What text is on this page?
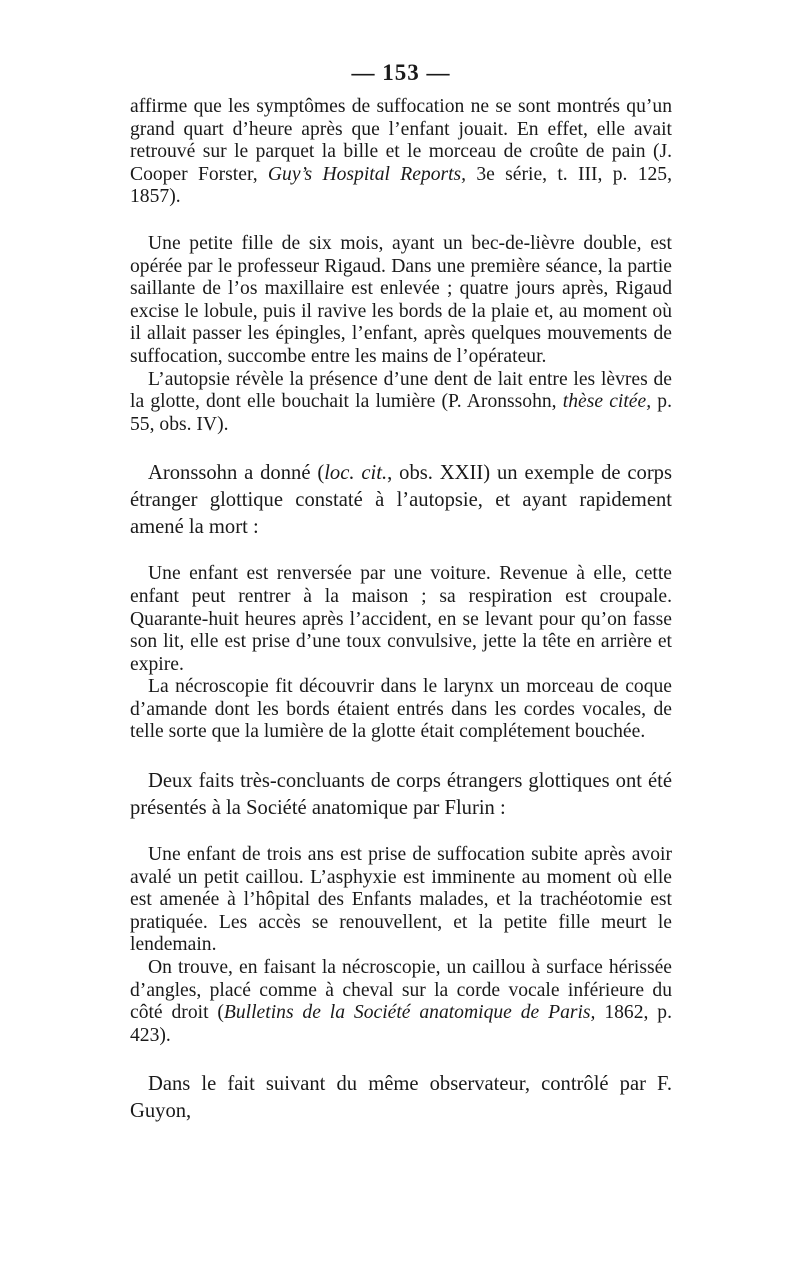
— 153 —

affirme que les symptômes de suffocation ne se sont montrés qu’un grand quart d’heure après que l’enfant jouait. En effet, elle avait retrouvé sur le parquet la bille et le morceau de croûte de pain (J. Cooper Forster, Guy’s Hospital Reports, 3e série, t. III, p. 125, 1857).

Une petite fille de six mois, ayant un bec-de-lièvre double, est opérée par le professeur Rigaud. Dans une première séance, la partie saillante de l’os maxillaire est enlevée ; quatre jours après, Rigaud excise le lobule, puis il ravive les bords de la plaie et, au moment où il allait passer les épingles, l’enfant, après quelques mouvements de suffocation, succombe entre les mains de l’opérateur.

L’autopsie révèle la présence d’une dent de lait entre les lèvres de la glotte, dont elle bouchait la lumière (P. Aronssohn, thèse citée, p. 55, obs. IV).

Aronssohn a donné (loc. cit., obs. XXII) un exemple de corps étranger glottique constaté à l’autopsie, et ayant rapidement amené la mort :

Une enfant est renversée par une voiture. Revenue à elle, cette enfant peut rentrer à la maison ; sa respiration est croupale. Quarante-huit heures après l’accident, en se levant pour qu’on fasse son lit, elle est prise d’une toux convulsive, jette la tête en arrière et expire.

La nécroscopie fit découvrir dans le larynx un morceau de coque d’amande dont les bords étaient entrés dans les cordes vocales, de telle sorte que la lumière de la glotte était complétement bouchée.

Deux faits très-concluants de corps étrangers glottiques ont été présentés à la Société anatomique par Flurin :

Une enfant de trois ans est prise de suffocation subite après avoir avalé un petit caillou. L’asphyxie est imminente au moment où elle est amenée à l’hôpital des Enfants malades, et la trachéotomie est pratiquée. Les accès se renouvellent, et la petite fille meurt le lendemain.

On trouve, en faisant la nécroscopie, un caillou à surface hérissée d’angles, placé comme à cheval sur la corde vocale inférieure du côté droit (Bulletins de la Société anatomique de Paris, 1862, p. 423).

Dans le fait suivant du même observateur, contrôlé par F. Guyon,
